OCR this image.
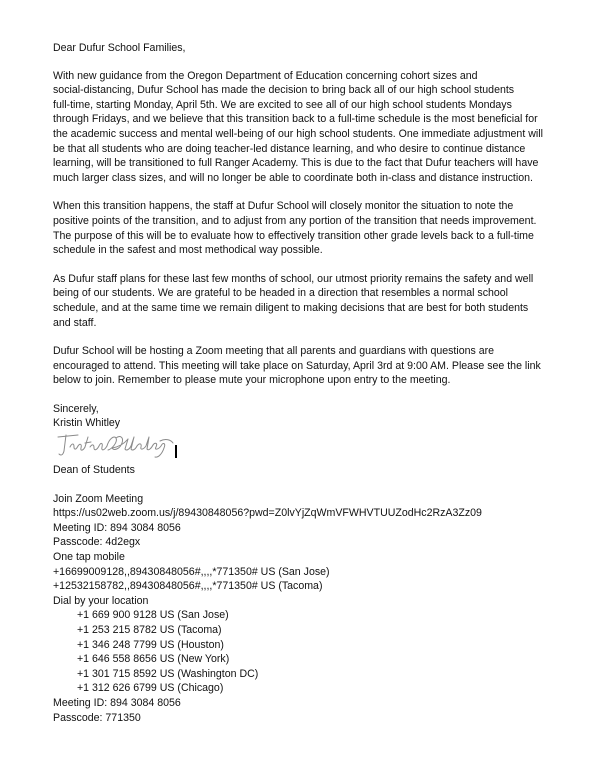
Dear Dufur School Families,
With new guidance from the Oregon Department of Education concerning cohort sizes and
social-distancing, Dufur School has made the decision to bring back all of our high school students
full-time, starting Monday, April 5th. We are excited to see all of our high school students Mondays
through Fridays, and we believe that this transition back to a full-time schedule is the most beneficial for
the academic success and mental well-being of our high school students. One immediate adjustment will
be that all students who are doing teacher-led distance learning, and who desire to continue distance
learning, will be transitioned to full Ranger Academy. This is due to the fact that Dufur teachers will have
much larger class sizes, and will no longer be able to coordinate both in-class and distance instruction.
When this transition happens, the staff at Dufur School will closely monitor the situation to note the
positive points of the transition, and to adjust from any portion of the transition that needs improvement.
The purpose of this will be to evaluate how to effectively transition other grade levels back to a full-time
schedule in the safest and most methodical way possible.
As Dufur staff plans for these last few months of school, our utmost priority remains the safety and well
being of our students. We are grateful to be headed in a direction that resembles a normal school
schedule, and at the same time we remain diligent to making decisions that are best for both students
and staff.
Dufur School will be hosting a Zoom meeting that all parents and guardians with questions are
encouraged to attend. This meeting will take place on Saturday, April 3rd at 9:00 AM. Please see the link
below to join. Remember to please mute your microphone upon entry to the meeting.
Sincerely,
Kristin Whitley
Dean of Students
Join Zoom Meeting
https://us02web.zoom.us/j/89430848056?pwd=Z0lvYjZqWmVFWHVTUUZodHc2RzA3Zz09
Meeting ID: 894 3084 8056
Passcode: 4d2egx
One tap mobile
+16699009128,,89430848056#,,,,*771350# US (San Jose)
+12532158782,,89430848056#,,,,*771350# US (Tacoma)
Dial by your location
+1 669 900 9128 US (San Jose)
+1 253 215 8782 US (Tacoma)
+1 346 248 7799 US (Houston)
+1 646 558 8656 US (New York)
+1 301 715 8592 US (Washington DC)
+1 312 626 6799 US (Chicago)
Meeting ID: 894 3084 8056
Passcode: 771350
